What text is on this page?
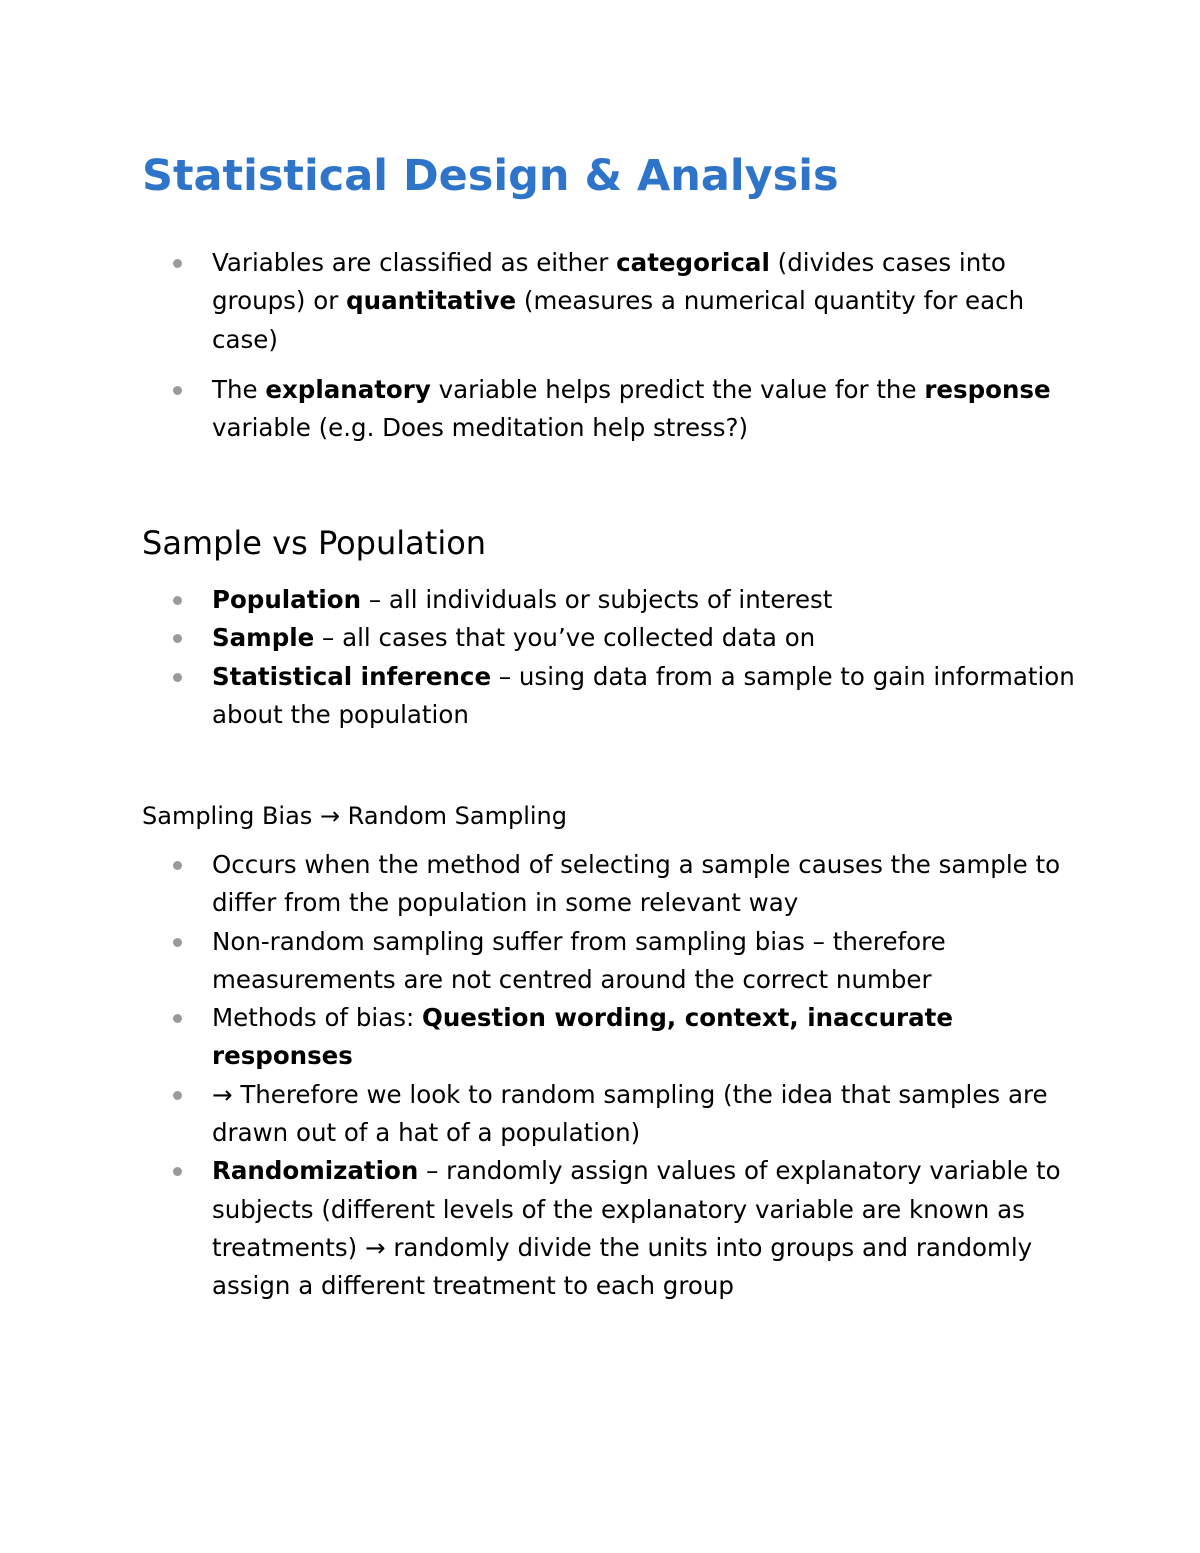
Statistical Design & Analysis
Variables are classified as either categorical (divides cases into groups) or quantitative (measures a numerical quantity for each case)
The explanatory variable helps predict the value for the response variable (e.g. Does meditation help stress?)
Sample vs Population
Population – all individuals or subjects of interest
Sample – all cases that you’ve collected data on
Statistical inference – using data from a sample to gain information about the population
Sampling Bias → Random Sampling
Occurs when the method of selecting a sample causes the sample to differ from the population in some relevant way
Non-random sampling suffer from sampling bias – therefore measurements are not centred around the correct number
Methods of bias: Question wording, context, inaccurate responses
→ Therefore we look to random sampling (the idea that samples are drawn out of a hat of a population)
Randomization – randomly assign values of explanatory variable to subjects (different levels of the explanatory variable are known as treatments) → randomly divide the units into groups and randomly assign a different treatment to each group
